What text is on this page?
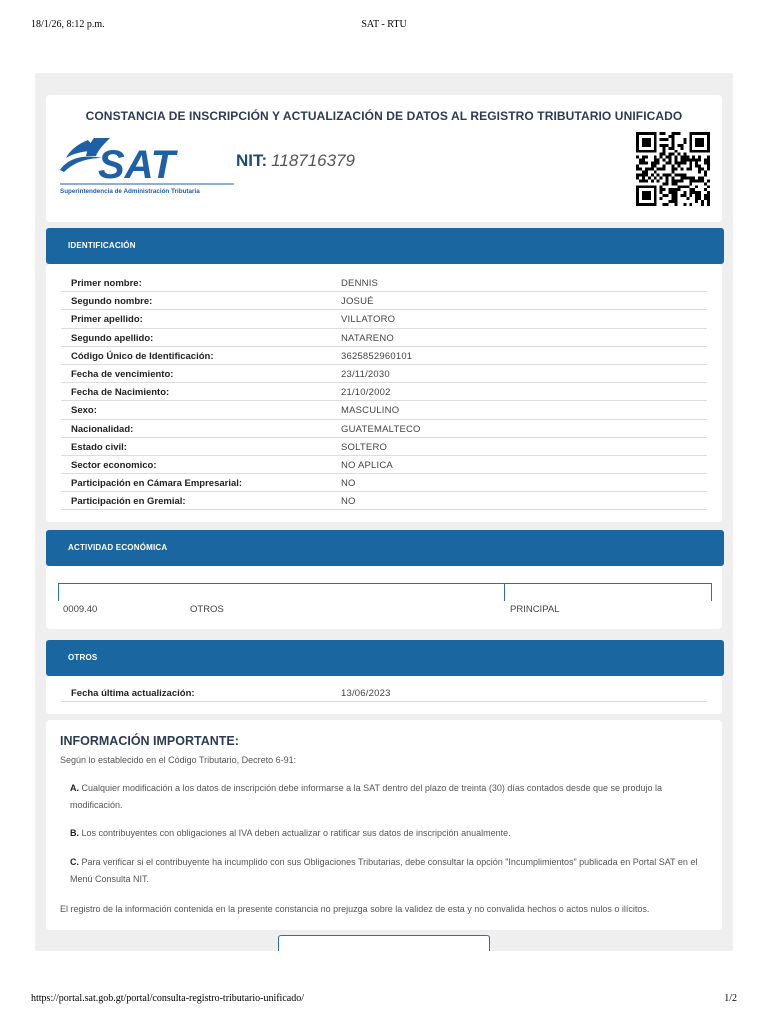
18/1/26, 8:12 p.m.	SAT - RTU
CONSTANCIA DE INSCRIPCIÓN Y ACTUALIZACIÓN DE DATOS AL REGISTRO TRIBUTARIO UNIFICADO
SAT
Superintendencia de Administración Tributaria
NIT: 118716379
IDENTIFICACIÓN
Primer nombre:	DENNIS
Segundo nombre:	JOSUÉ
Primer apellido:	VILLATORO
Segundo apellido:	NATARENO
Código Único de Identificación:	3625852960101
Fecha de vencimiento:	23/11/2030
Fecha de Nacimiento:	21/10/2002
Sexo:	MASCULINO
Nacionalidad:	GUATEMALTECO
Estado civil:	SOLTERO
Sector economico:	NO APLICA
Participación en Cámara Empresarial:	NO
Participación en Gremial:	NO
ACTIVIDAD ECONÓMICA
0009.40	OTROS	PRINCIPAL
OTROS
Fecha última actualización:	13/06/2023
INFORMACIÓN IMPORTANTE:
Según lo establecido en el Código Tributario, Decreto 6-91:
A. Cualquier modificación a los datos de inscripción debe informarse a la SAT dentro del plazo de treinta (30) días contados desde que se produjo la modificación.
B. Los contribuyentes con obligaciones al IVA deben actualizar o ratificar sus datos de inscripción anualmente.
C. Para verificar si el contribuyente ha incumplido con sus Obligaciones Tributarias, debe consultar la opción "Incumplimientos" publicada en Portal SAT en el Menú Consulta NIT.
El registro de la información contenida en la presente constancia no prejuzga sobre la validez de esta y no convalida hechos o actos nulos o ilícitos.
https://portal.sat.gob.gt/portal/consulta-registro-tributario-unificado/	1/2
